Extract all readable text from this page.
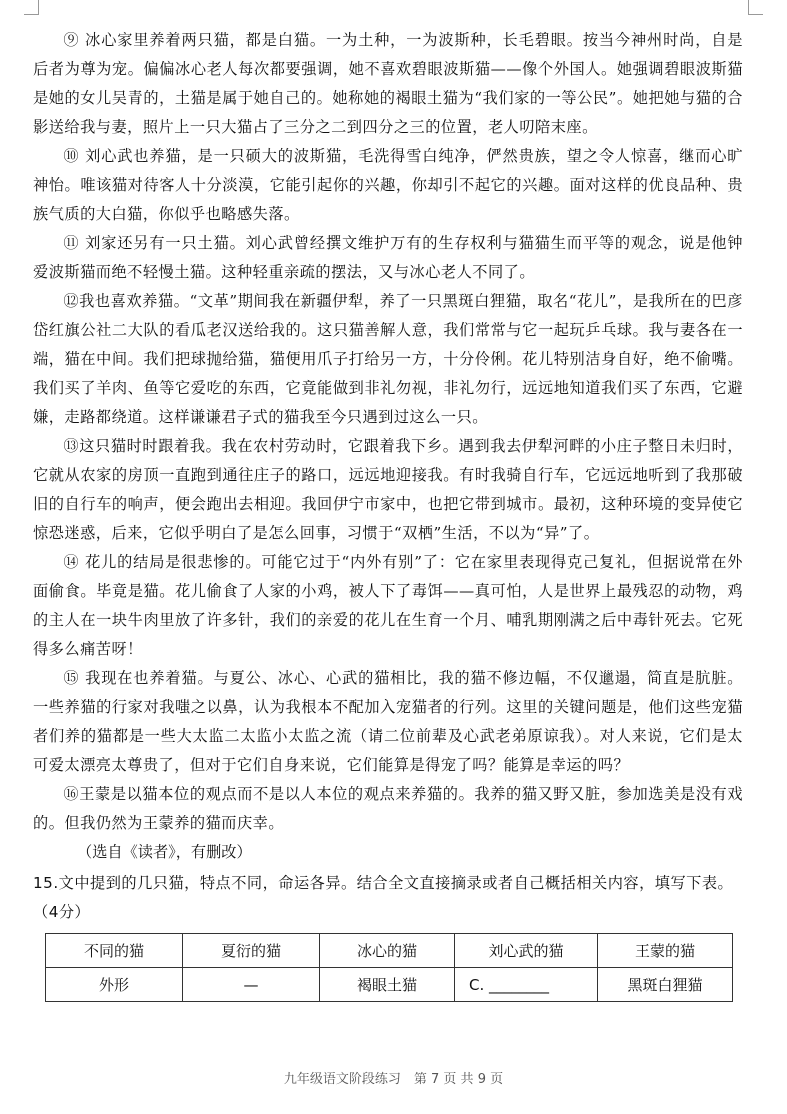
⑨ 冰心家里养着两只猫，都是白猫。一为土种，一为波斯种，长毛碧眼。按当今神州时尚，自是后者为尊为宠。偏偏冰心老人每次都要强调，她不喜欢碧眼波斯猫——像个外国人。她强调碧眼波斯猫是她的女儿吴青的，土猫是属于她自己的。她称她的褐眼土猫为“我们家的一等公民”。她把她与猫的合影送给我与妻，照片上一只大猫占了三分之二到四分之三的位置，老人叨陪末座。

⑩ 刘心武也养猫，是一只硕大的波斯猫，毛洗得雪白纯净，俨然贵族，望之令人惊喜，继而心旷神怡。唯该猫对待客人十分淡漠，它能引起你的兴趣，你却引不起它的兴趣。面对这样的优良品种、贵族气质的大白猫，你似乎也略感失落。

⑪ 刘家还另有一只土猫。刘心武曾经撰文维护万有的生存权利与猫猫生而平等的观念，说是他钟爱波斯猫而绝不轻慢土猫。这种轻重亲疏的摆法，又与冰心老人不同了。

⑫我也喜欢养猫。“文革”期间我在新疆伊犁，养了一只黑斑白狸猫，取名“花儿”，是我所在的巴彦岱红旗公社二大队的看瓜老汉送给我的。这只猫善解人意，我们常常与它一起玩乒乓球。我与妻各在一端，猫在中间。我们把球抛给猫，猫便用爪子打给另一方，十分伶俐。花儿特别洁身自好，绝不偷嘴。我们买了羊肉、鱼等它爱吃的东西，它竟能做到非礼勿视，非礼勿行，远远地知道我们买了东西，它避嫌，走路都绕道。这样谦谦君子式的猫我至今只遇到过这么一只。

⑬这只猫时时跟着我。我在农村劳动时，它跟着我下乡。遇到我去伊犁河畔的小庄子整日未归时，它就从农家的房顶一直跑到通往庄子的路口，远远地迎接我。有时我骑自行车，它远远地听到了我那破旧的自行车的响声，便会跑出去相迎。我回伊宁市家中，也把它带到城市。最初，这种环境的变异使它惊恐迷惑，后来，它似乎明白了是怎么回事，习惯于“双栖”生活，不以为“异”了。

⑭ 花儿的结局是很悲惨的。可能它过于“内外有别”了：它在家里表现得克己复礼，但据说常在外面偷食。毕竟是猫。花儿偷食了人家的小鸡，被人下了毒饵——真可怕，人是世界上最残忍的动物，鸡的主人在一块牛肉里放了许多针，我们的亲爱的花儿在生育一个月、哺乳期刚满之后中毒针死去。它死得多么痛苦呀！

⑮ 我现在也养着猫。与夏公、冰心、心武的猫相比，我的猫不修边幅，不仅邋遢，简直是肮脏。一些养猫的行家对我嗤之以鼻，认为我根本不配加入宠猫者的行列。这里的关键问题是，他们这些宠猫者们养的猫都是一些大太监二太监小太监之流（请二位前辈及心武老弟原谅我）。对人来说，它们是太可爱太漂亮太尊贵了，但对于它们自身来说，它们能算是得宠了吗？能算是幸运的吗？

⑯王蒙是以猫本位的观点而不是以人本位的观点来养猫的。我养的猫又野又脏，参加选美是没有戏的。但我仍然为王蒙养的猫而庆幸。

（选自《读者》，有删改）

15.文中提到的几只猫，特点不同，命运各异。结合全文直接摘录或者自己概括相关内容，填写下表。（4分）

不同的猫	夏衍的猫	冰心的猫	刘心武的猫	王蒙的猫
外形	—	褐眼土猫	C. ________	黑斑白狸猫
九年级语文阶段练习　第 7 页 共 9 页
